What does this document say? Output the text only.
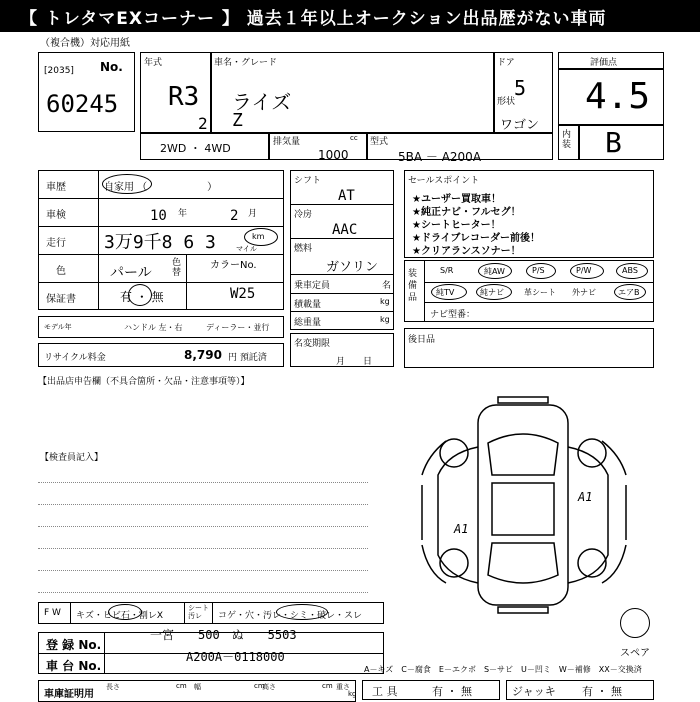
【 トレタマEXコーナー 】 過去１年以上オークション出品歴がない車両
（複合機）対応用紙
[2035] No.
60245
年式
R3
2
車名・グレード
ライズ
Z
ドア
5
形状
ワゴン
2WD ・ 4WD	排気量	cc
1000
型式
5BA － A200A
評価点
4.5
内装 B
車歴	自家用 （　　　　　　）
車検	10 年	2 月
走行 3万9千8 6 3	km
マイル
色	パール
色替
カラーNo.
W25
保証書	有 ・ 無
モデル年	ハンドル 左・右	ディーラー・並行
リサイクル料金	8,790 円 預託済
シフト
AT
冷房
AAC
燃料
ガソリン
乗車定員	名
積載量	kg
総重量	kg
名変期限
月　　日
セールスポイント
★ユーザー買取車！
★純正ナビ・フルセグ！
★シートヒーター！
★ドライブレコーダー前後！
★クリアランスソナー！
装備品
S/R	純AW	P/S	P/W	ABS
純TV	純ナビ	革シート 外ナビ	エアB
ナビ型番：
後日品
【出品店申告欄（不具合箇所・欠品・注意事項等）】
【検査員記入】
A1
A1
スペア
F W キズ・ヒビ石・割レX
シート汚レ	コゲ・穴・汚レ・シミ・破レ・スレ
登 録 No.
一宮　　500　ぬ　　5503
車 台 No.
A200A－0118000
車庫証明用
長さ	cm 幅	cm
高さ	cm 重さ
kg
A－キズ　C－腐食　E－エクボ　S－サビ　U－凹ミ　W－補修　XX－交換済
工 具	有 ・ 無	ジャッキ 有 ・ 無
